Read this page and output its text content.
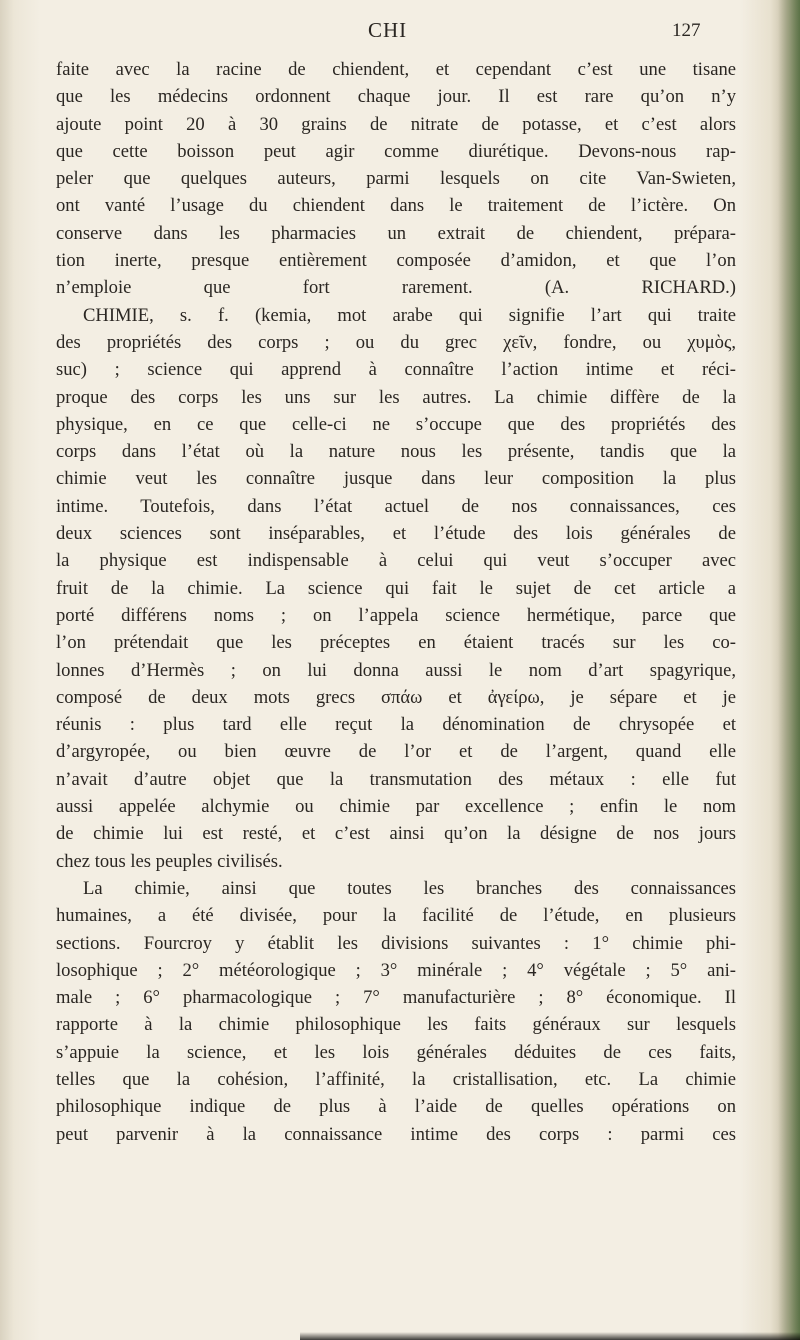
CHI	127
faite avec la racine de chiendent, et cependant c’est une tisane
que les médecins ordonnent chaque jour. Il est rare qu’on n’y
ajoute point 20 à 30 grains de nitrate de potasse, et c’est alors
que cette boisson peut agir comme diurétique. Devons-nous rap-
peler que quelques auteurs, parmi lesquels on cite Van-Swieten,
ont vanté l’usage du chiendent dans le traitement de l’ictère. On
conserve dans les pharmacies un extrait de chiendent, prépara-
tion inerte, presque entièrement composée d’amidon, et que l’on
n’emploie que fort rarement. (A. RICHARD.)
CHIMIE, s. f. (kemia, mot arabe qui signifie l’art qui traite
des propriétés des corps ; ou du grec χεῖν, fondre, ou χυμὸς,
suc) ; science qui apprend à connaître l’action intime et réci-
proque des corps les uns sur les autres. La chimie diffère de la
physique, en ce que celle-ci ne s’occupe que des propriétés des
corps dans l’état où la nature nous les présente, tandis que la
chimie veut les connaître jusque dans leur composition la plus
intime. Toutefois, dans l’état actuel de nos connaissances, ces
deux sciences sont inséparables, et l’étude des lois générales de
la physique est indispensable à celui qui veut s’occuper avec
fruit de la chimie. La science qui fait le sujet de cet article a
porté différens noms ; on l’appela science hermétique, parce que
l’on prétendait que les préceptes en étaient tracés sur les co-
lonnes d’Hermès ; on lui donna aussi le nom d’art spagyrique,
composé de deux mots grecs σπάω et ἀγείρω, je sépare et je
réunis : plus tard elle reçut la dénomination de chrysopée et
d’argyropée, ou bien œuvre de l’or et de l’argent, quand elle
n’avait d’autre objet que la transmutation des métaux : elle fut
aussi appelée alchymie ou chimie par excellence ; enfin le nom
de chimie lui est resté, et c’est ainsi qu’on la désigne de nos jours
chez tous les peuples civilisés.
La chimie, ainsi que toutes les branches des connaissances
humaines, a été divisée, pour la facilité de l’étude, en plusieurs
sections. Fourcroy y établit les divisions suivantes : 1° chimie phi-
losophique ; 2° météorologique ; 3° minérale ; 4° végétale ; 5° ani-
male ; 6° pharmacologique ; 7° manufacturière ; 8° économique. Il
rapporte à la chimie philosophique les faits généraux sur lesquels
s’appuie la science, et les lois générales déduites de ces faits,
telles que la cohésion, l’affinité, la cristallisation, etc. La chimie
philosophique indique de plus à l’aide de quelles opérations on
peut parvenir à la connaissance intime des corps : parmi ces
